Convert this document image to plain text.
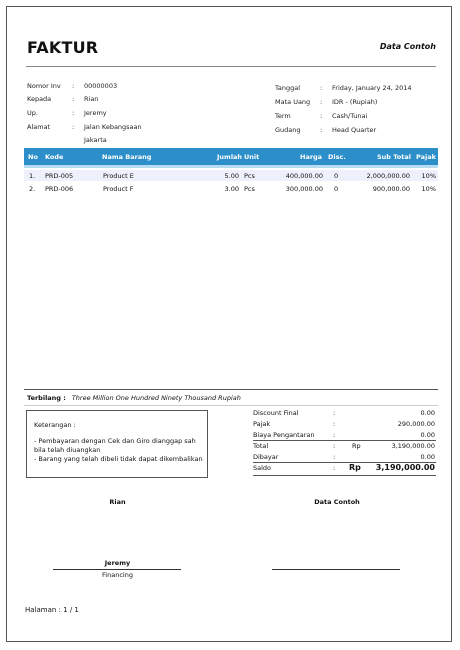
FAKTUR	Data Contoh
Nomor Inv : 00000003
Kepada	: Rian
Up.	: Jeremy
Alamat	: Jalan Kebangsaan
Jakarta
Tanggal	: Friday, January 24, 2014
Mata Uang : IDR - (Rupiah)
Term	: Cash/Tunai
Gudang	: Head Quarter
No Kode	Nama Barang	Jumlah Unit	Harga Disc.	Sub Total Pajak
1. PRD-005	Product E	5.00 Pcs	400,000.00 0	2,000,000.00 10%
2. PRD-006	Product F	3.00 Pcs	300,000.00 0	900,000.00 10%
Terbilang : Three Million One Hundred Ninety Thousand Rupiah
Keterangan :
- Pembayaran dengan Cek dan Giro dianggap sah bila telah diuangkan
- Barang yang telah dibeli tidak dapat dikembalikan
Discount Final	:	0.00
Pajak	:	290,000.00
Biaya Pengantaran	:	0.00
Total	:	Rp	3,190,000.00
Dibayar	:	0.00
Saldo	: Rp 3,190,000.00
Rian	Data Contoh
Jeremy
Financing
Halaman : 1 / 1
